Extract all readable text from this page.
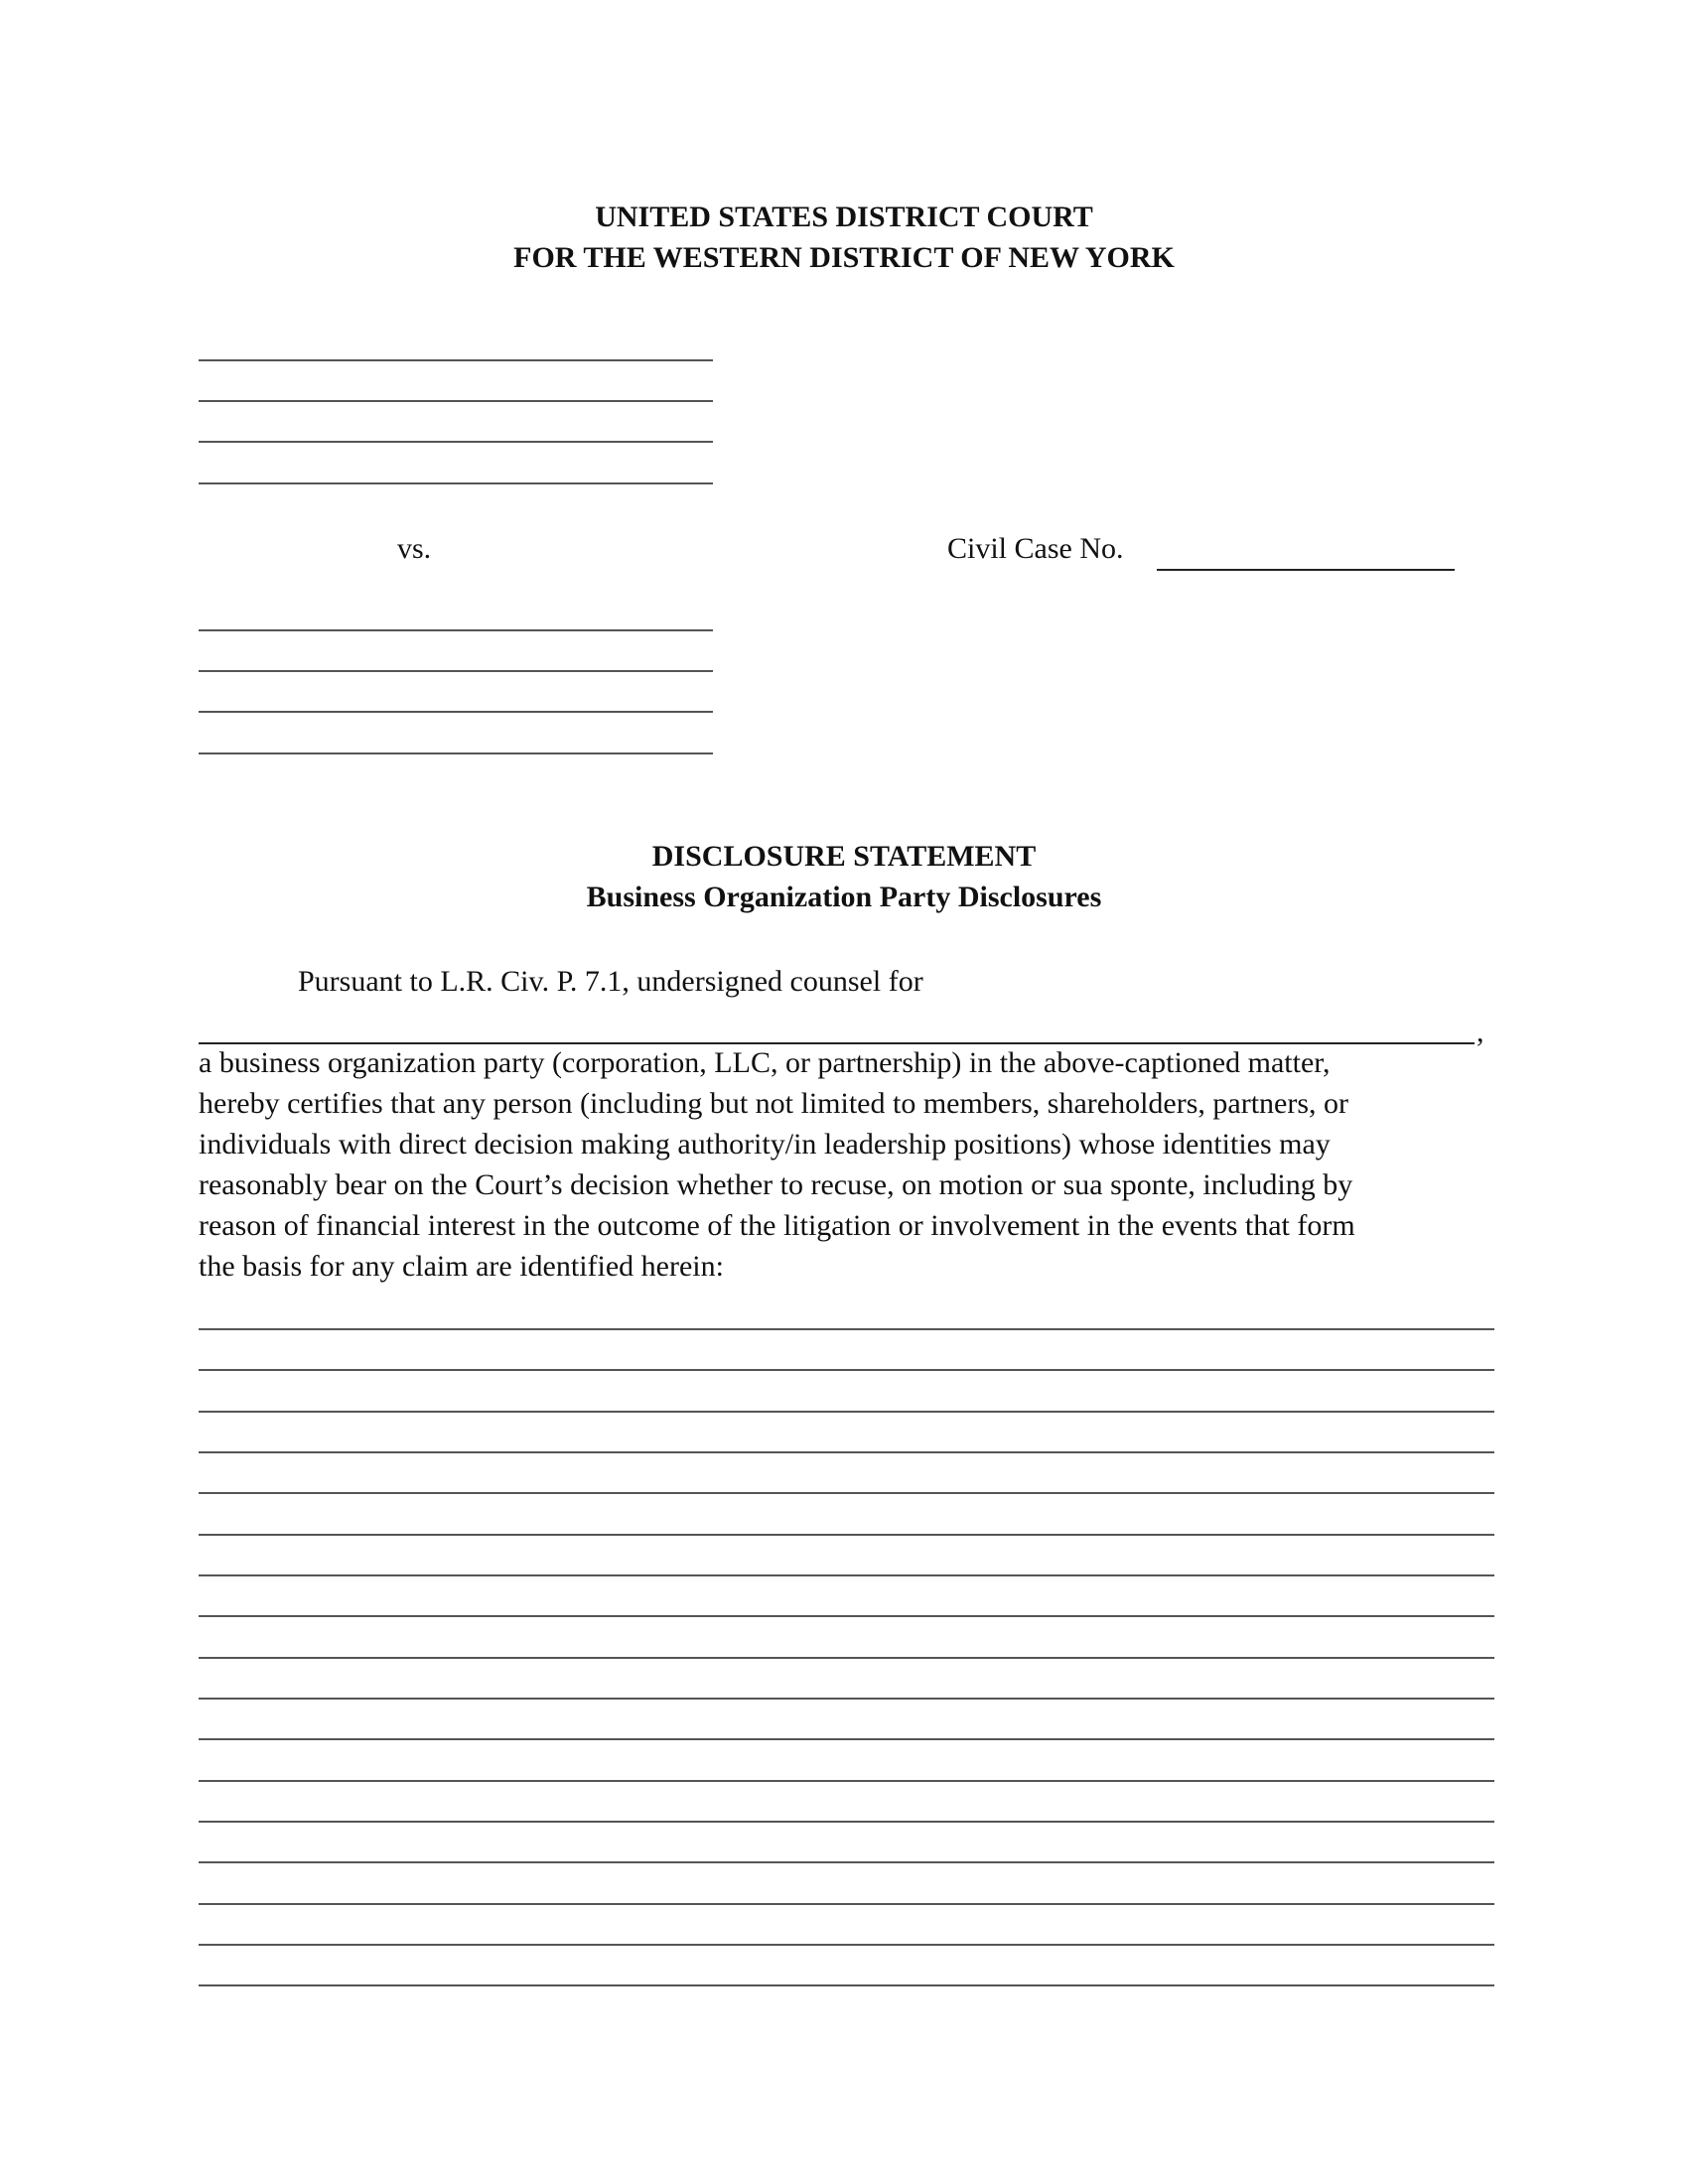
UNITED STATES DISTRICT COURT
FOR THE WESTERN DISTRICT OF NEW YORK
vs.	Civil Case No.
DISCLOSURE STATEMENT
Business Organization Party Disclosures
Pursuant to L.R. Civ. P. 7.1, undersigned counsel for
,
a business organization party (corporation, LLC, or partnership) in the above-captioned matter,
hereby certifies that any person (including but not limited to members, shareholders, partners, or
individuals with direct decision making authority/in leadership positions) whose identities may
reasonably bear on the Court’s decision whether to recuse, on motion or sua sponte, including by
reason of financial interest in the outcome of the litigation or involvement in the events that form
the basis for any claim are identified herein:
